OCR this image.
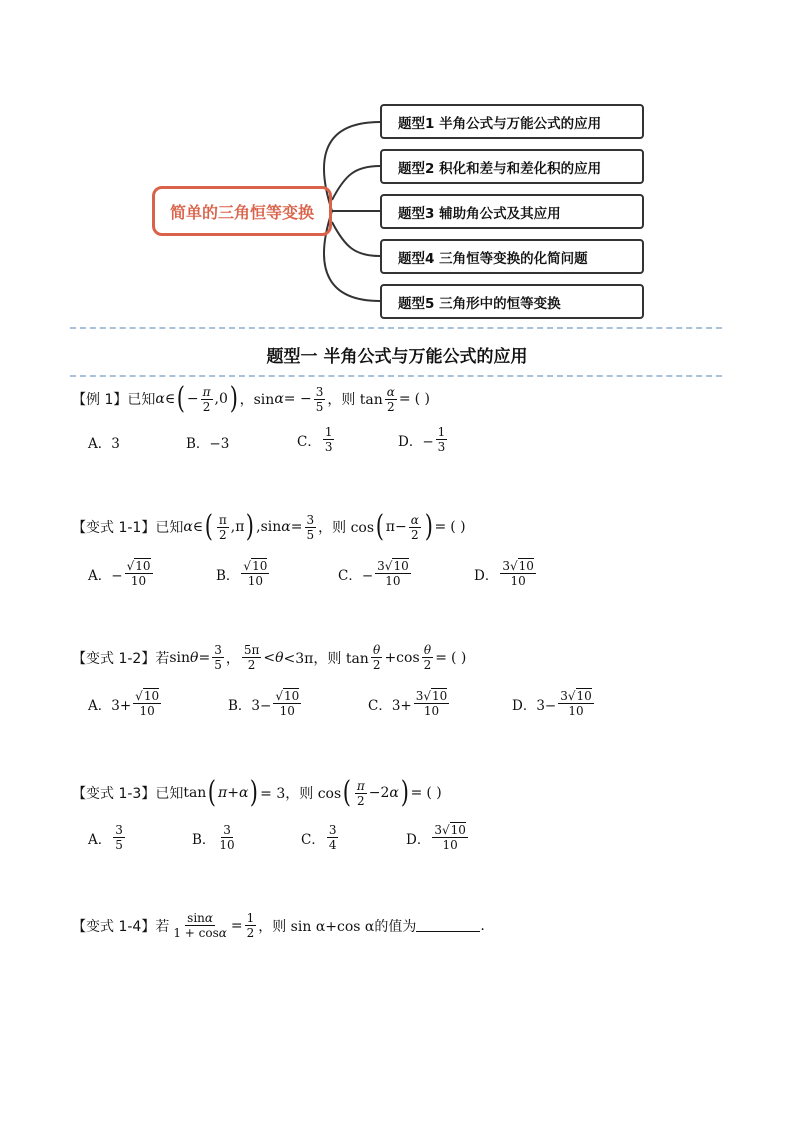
简单的三角恒等变换
题型1 半角公式与万能公式的应用
题型2 积化和差与和差化积的应用
题型3 辅助角公式及其应用
题型4 三角恒等变换的化简问题
题型5 三角形中的恒等变换
题型一 半角公式与万能公式的应用
【例 1】已知 α ∈ ( − $\frac{\pi}{2} ,0$ ) ，sin α = − $\frac{3}{5}$ ，则 $\tan \frac{\alpha}{2}$ = ( )
A．3	B．−3	C． $\frac{1}{3}$	D．− $\frac{1}{3}$
【变式 1-1】已知 α ∈ ( $\frac{\pi}{2} ,\pi$ ) ,sin $\alpha = \frac{3}{5}$ ，则 cos ( $\pi- \frac{\alpha}{2}$ ) = ( )
A．− $\frac{√10}{10}$	B． $\frac{√10}{10}$	C．− $\frac{3√10}{10}$	D． $\frac{3√10}{10}$
【变式 1-2】若 $\sin \theta = \frac{3}{5}$ ， $\frac{5\pi}{2} < \theta <3\pi$，则 $\tan \frac{\theta}{2} +\cos \frac{\theta}{2}$ = ( )
A．$3+ \frac{√10}{10}$	B．$3- \frac{√10}{10}$	C．$3+ \frac{3√10}{10}$	D．$3- \frac{3√10}{10}$
【变式 1-3】已知 tan ( π + α ) = 3，则 cos ( $\frac{\pi}{2} -2$ α ) = ( )
A． $\frac{3}{5}$	B． $\frac{3}{10}$	C． $\frac{3}{4}$	D． $\frac{3√10}{10}$
【变式 1-4】若 $\frac{\sin\alpha}{1 + \cos\alpha} = \frac{1}{2}$ ，则 sin α+cos α 的值为	.
